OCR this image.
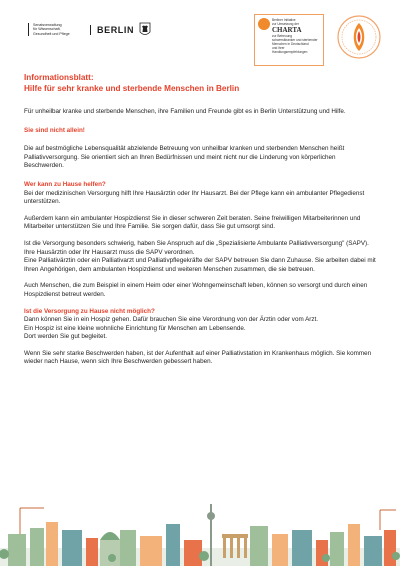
Senatsverwaltung
für Wissenschaft,
Gesundheit und Pflege	BERLIN
Berliner Initiative
zur Umsetzung der
CHARTA
zur Betreuung
schwerstkranker und sterbender
Menschen in Deutschland
und ihrer
Handlungsempfehlungen
Informationsblatt:
Hilfe für sehr kranke und sterbende Menschen in Berlin

Für unheilbar kranke und sterbende Menschen, ihre Familien und Freunde gibt es in Berlin Unterstützung und Hilfe.

Sie sind nicht allein!

Die auf bestmögliche Lebensqualität abzielende Betreuung von unheilbar kranken und sterbenden Menschen heißt Palliativversorgung. Sie orientiert sich an Ihren Bedürfnissen und meint nicht nur die Linderung von körperlichen Beschwerden.

Wer kann zu Hause helfen?

Bei der medizinischen Versorgung hilft Ihre Hausärztin oder Ihr Hausarzt. Bei der Pflege kann ein ambulanter Pflegedienst unterstützen.

Außerdem kann ein ambulanter Hospizdienst Sie in dieser schweren Zeit beraten. Seine freiwilligen Mitarbeiterinnen und Mitarbeiter unterstützen Sie und Ihre Familie. Sie sorgen dafür, dass Sie gut umsorgt sind.

Ist die Versorgung besonders schwierig, haben Sie Anspruch auf die „Spezialisierte Ambulante Palliativversorgung" (SAPV). Ihre Hausärztin oder Ihr Hausarzt muss die SAPV verordnen.

Eine Palliativärztin oder ein Palliativarzt und Palliativpflegekräfte der SAPV betreuen Sie dann Zuhause. Sie arbeiten dabei mit Ihren Angehörigen, dem ambulanten Hospizdienst und weiteren Menschen zusammen, die sie betreuen.

Auch Menschen, die zum Beispiel in einem Heim oder einer Wohngemeinschaft leben, können so versorgt und durch einen Hospizdienst betreut werden.

Ist die Versorgung zu Hause nicht möglich?

Dann können Sie in ein Hospiz gehen. Dafür brauchen Sie eine Verordnung von der Ärztin oder vom Arzt.

Ein Hospiz ist eine kleine wohnliche Einrichtung für Menschen am Lebensende.

Dort werden Sie gut begleitet.

Wenn Sie sehr starke Beschwerden haben, ist der Aufenthalt auf einer Palliativstation im Krankenhaus möglich. Sie kommen wieder nach Hause, wenn sich Ihre Beschwerden gebessert haben.
